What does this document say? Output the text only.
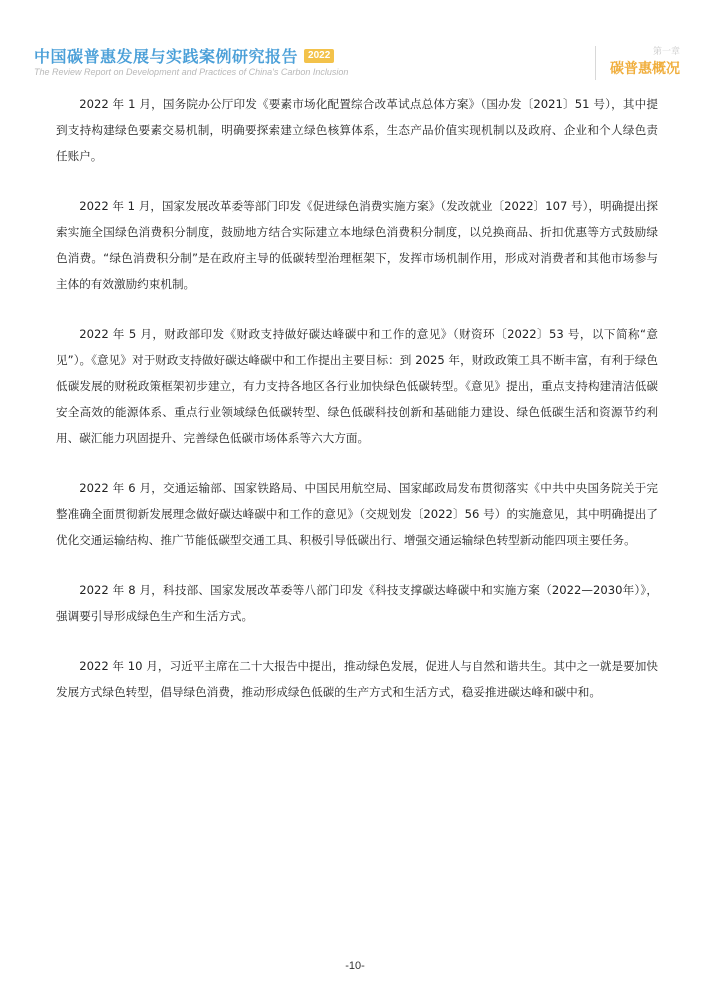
中国碳普惠发展与实践案例研究报告	2022
The Review Report on Development and Practices of China's Carbon Inclusion
第一章
碳普惠概况

2022 年 1 月，国务院办公厅印发《要素市场化配置综合改革试点总体方案》（国办发〔2021〕51 号），其中提到支持构建绿色要素交易机制，明确要探索建立绿色核算体系，生态产品价值实现机制以及政府、企业和个人绿色责任账户。

2022 年 1 月，国家发展改革委等部门印发《促进绿色消费实施方案》（发改就业〔2022〕107 号），明确提出探索实施全国绿色消费积分制度，鼓励地方结合实际建立本地绿色消费积分制度，以兑换商品、折扣优惠等方式鼓励绿色消费。“绿色消费积分制”是在政府主导的低碳转型治理框架下，发挥市场机制作用，形成对消费者和其他市场参与主体的有效激励约束机制。

2022 年 5 月，财政部印发《财政支持做好碳达峰碳中和工作的意见》（财资环〔2022〕53 号，以下简称“意见”）。《意见》对于财政支持做好碳达峰碳中和工作提出主要目标：到 2025 年，财政政策工具不断丰富，有利于绿色低碳发展的财税政策框架初步建立，有力支持各地区各行业加快绿色低碳转型。《意见》提出，重点支持构建清洁低碳安全高效的能源体系、重点行业领域绿色低碳转型、绿色低碳科技创新和基础能力建设、绿色低碳生活和资源节约利用、碳汇能力巩固提升、完善绿色低碳市场体系等六大方面。

2022 年 6 月，交通运输部、国家铁路局、中国民用航空局、国家邮政局发布贯彻落实《中共中央国务院关于完整准确全面贯彻新发展理念做好碳达峰碳中和工作的意见》（交规划发〔2022〕56 号）的实施意见，其中明确提出了优化交通运输结构、推广节能低碳型交通工具、积极引导低碳出行、增强交通运输绿色转型新动能四项主要任务。

2022 年 8 月，科技部、国家发展改革委等八部门印发《科技支撑碳达峰碳中和实施方案（2022—2030年）》，强调要引导形成绿色生产和生活方式。

2022 年 10 月，习近平主席在二十大报告中提出，推动绿色发展，促进人与自然和谐共生。其中之一就是要加快发展方式绿色转型，倡导绿色消费，推动形成绿色低碳的生产方式和生活方式，稳妥推进碳达峰和碳中和。

-10-
